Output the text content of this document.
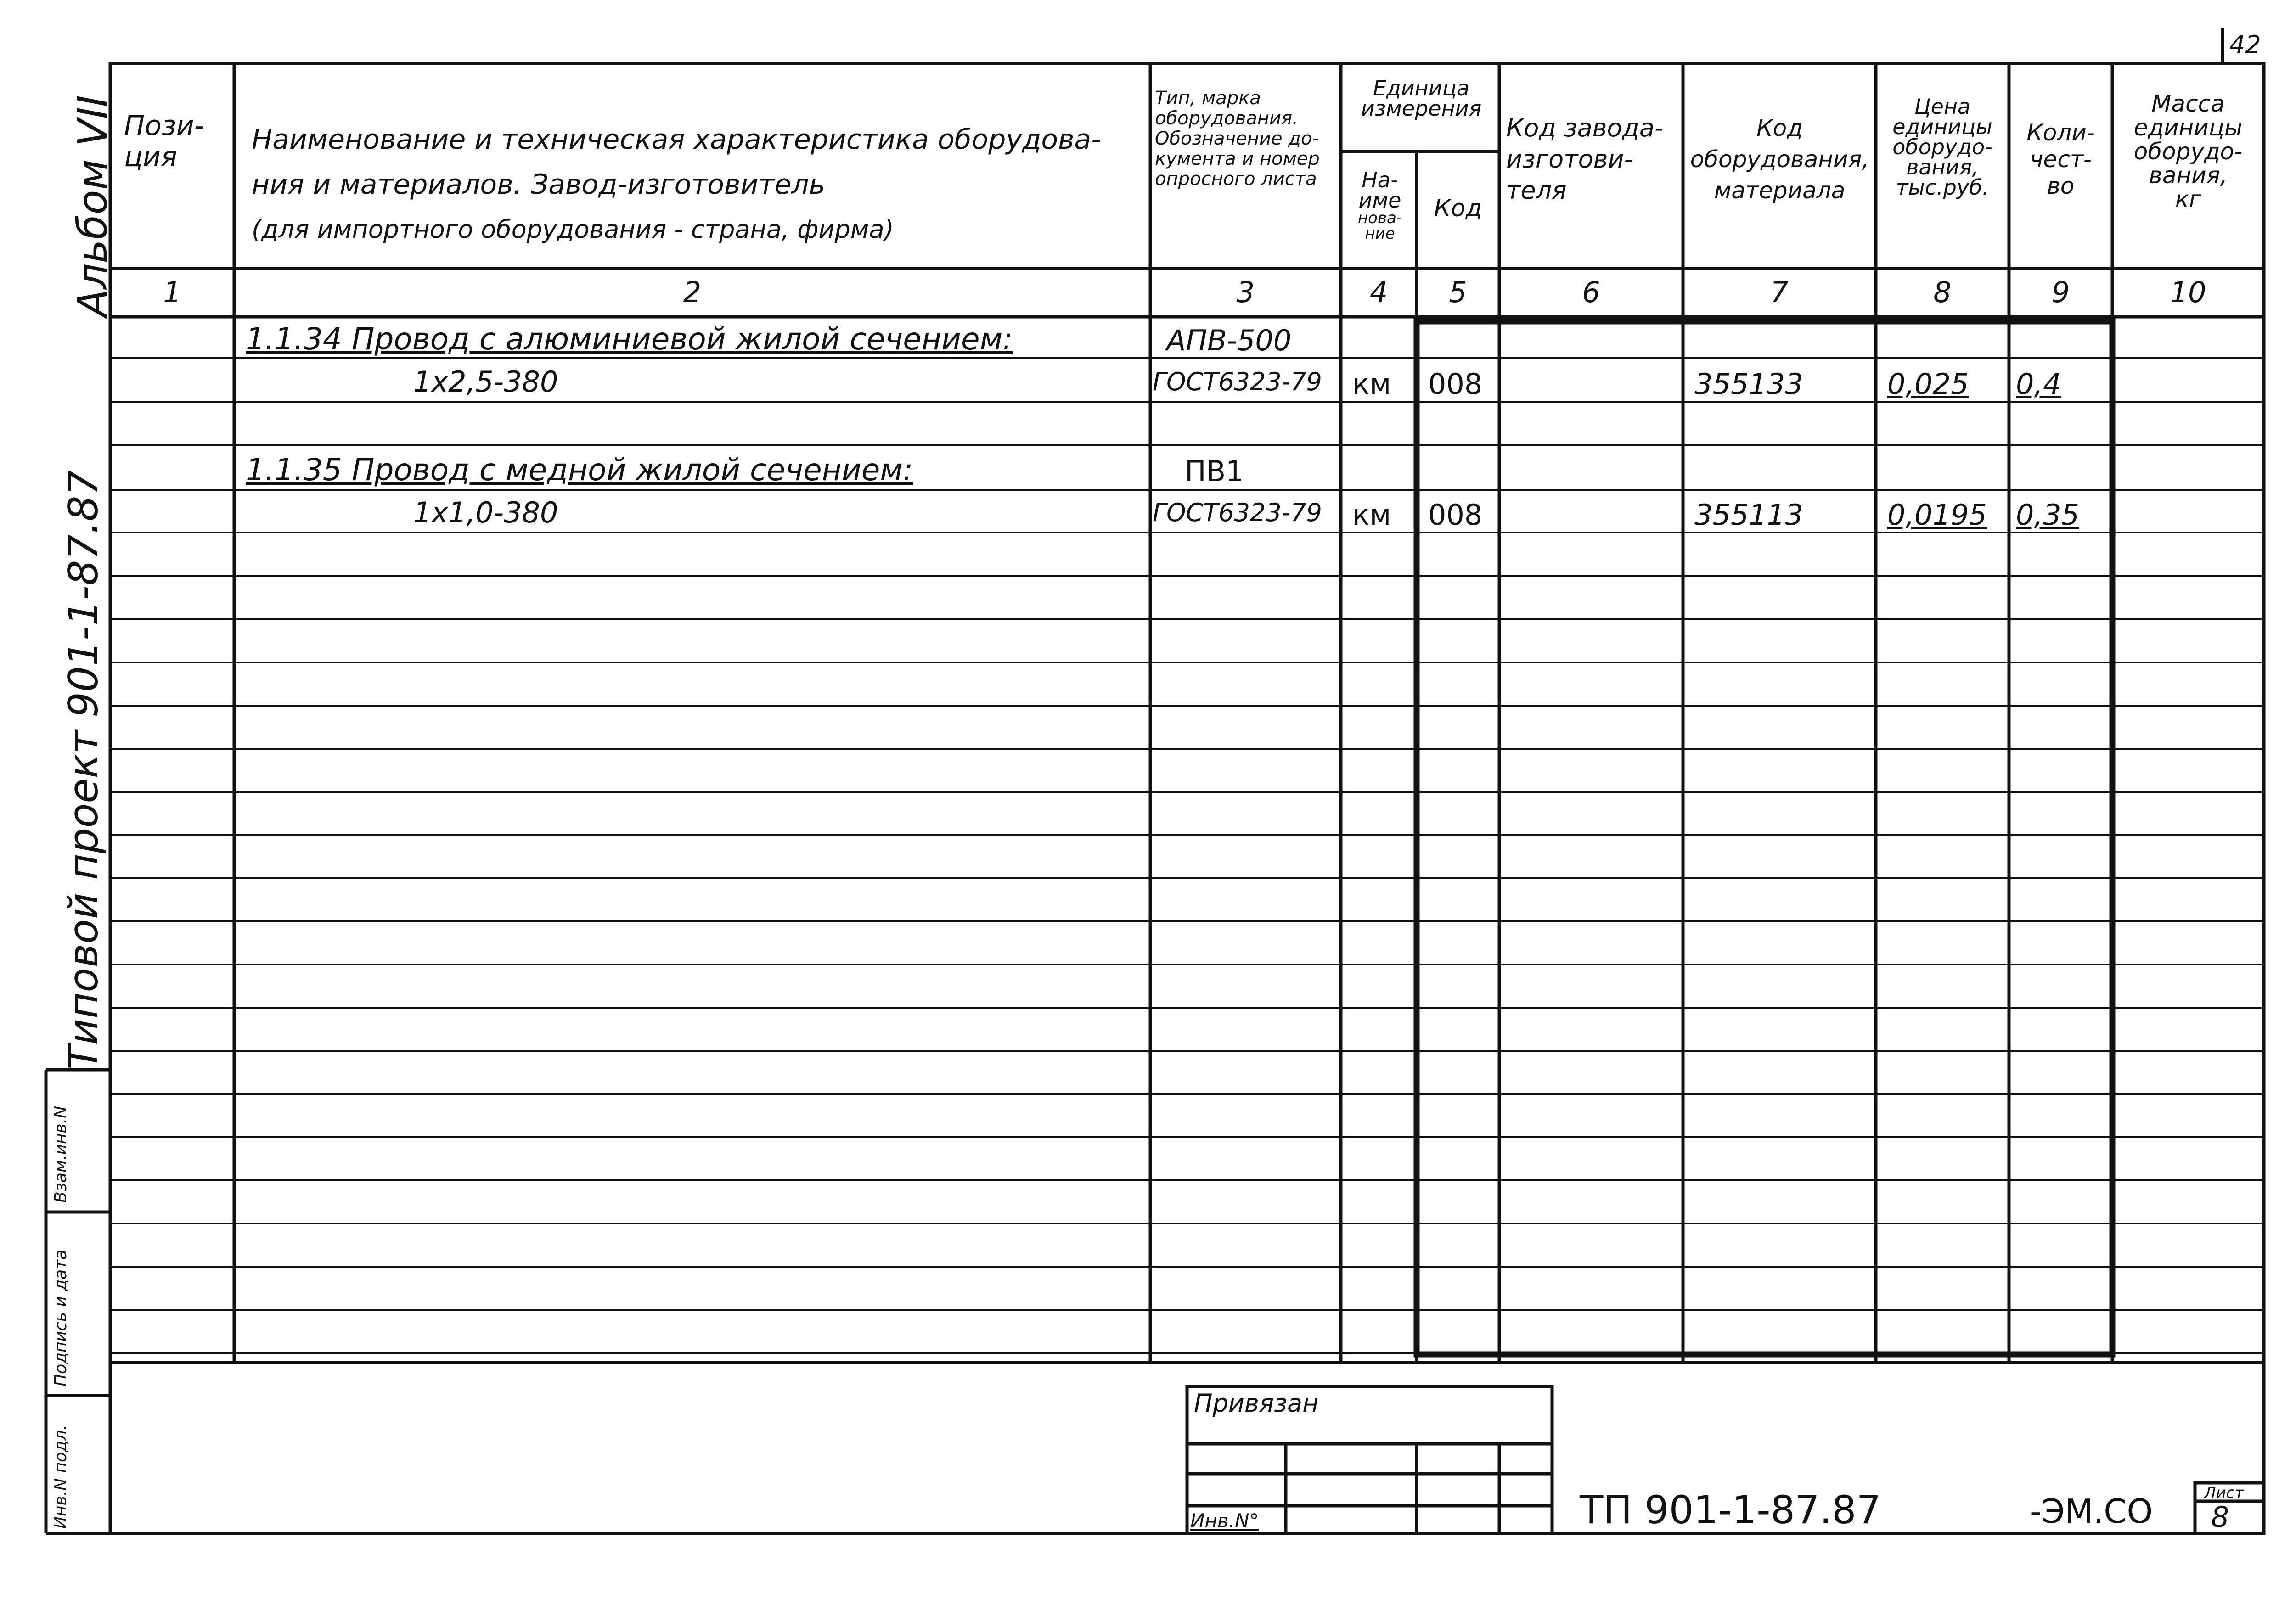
42
Альбом VII
Типовой проект 901-1-87.87
Взам.инв.N
Подпись и дата
Инв.N подл.
Пози-
ция
Наименование и техническая характеристика оборудова-
ния и материалов. Завод-изготовитель
(для импортного оборудования - страна, фирма)
Тип, марка
оборудования.
Обозначение до-
кумента и номер
опросного листа
Единица
измерения
На-
име
нова-
ние
Код
Код завода-
изготови-
теля
Код
оборудования,
материала
Цена
единицы
оборудо-
вания,
тыс.руб.
Коли-
чест-
во
Масса
единицы
оборудо-
вания,
кг
1	2	3	4	5	6	7	8	9	10
1.1.34 Провод с алюминиевой жилой сечением:	АПВ-500
1x2,5-380	ГОСТ6323-79 км 008	355133	0,025 0,4
1.1.35 Провод с медной жилой сечением:	ПВ1
1x1,0-380	ГОСТ6323-79 км 008	355113	0,0195 0,35
Привязан
Инв.N°	ТП 901-1-87.87	-ЭМ.СО	Лист
8
